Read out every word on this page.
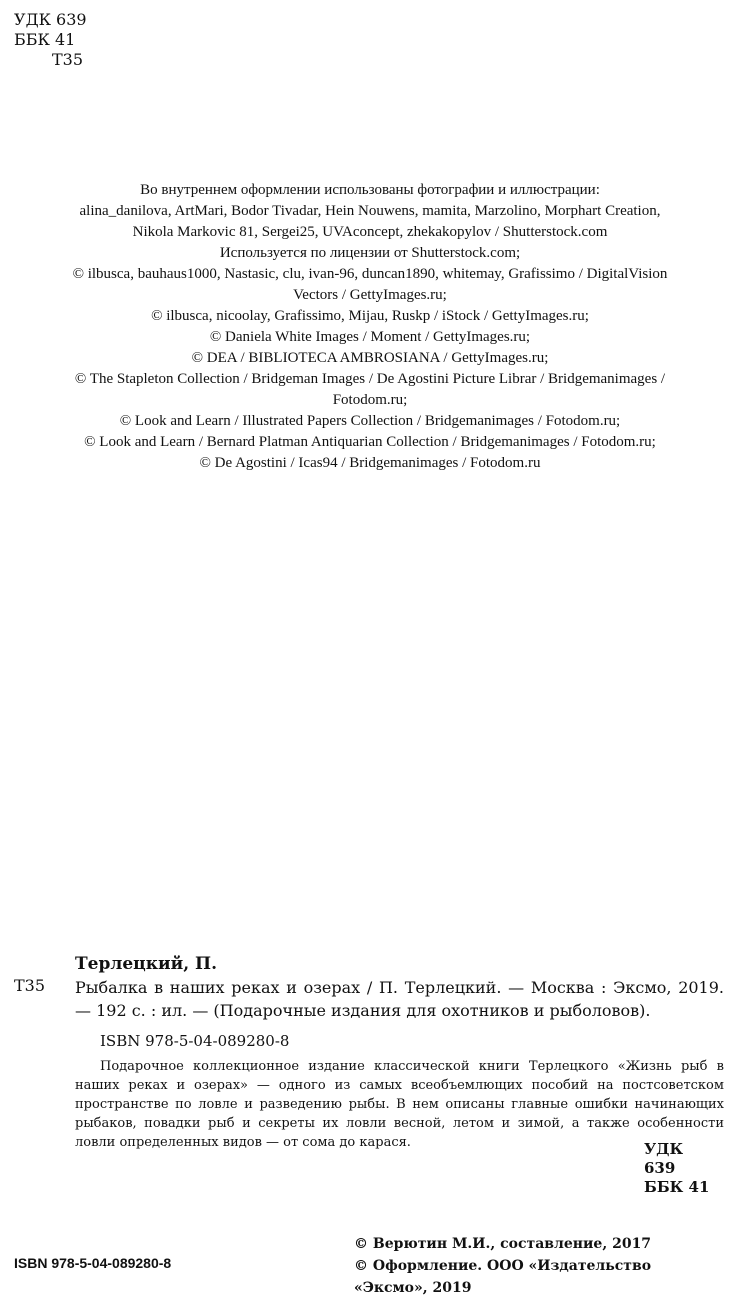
УДК 639
ББК 41
Т35
Во внутреннем оформлении использованы фотографии и иллюстрации:
alina_danilova, ArtMari, Bodor Tivadar, Hein Nouwens, mamita, Marzolino, Morphart Creation,
Nikola Markovic 81, Sergei25, UVAconcept, zhekakopylov / Shutterstock.com
Используется по лицензии от Shutterstock.com;
© ilbusca, bauhaus1000, Nastasic, clu, ivan-96, duncan1890, whitemay, Grafissimo / DigitalVision
Vectors / GettyImages.ru;
© ilbusca, nicoolay, Grafissimo, Mijau, Ruskp / iStock / GettyImages.ru;
© Daniela White Images / Moment / GettyImages.ru;
© DEA / BIBLIOTECA AMBROSIANA / GettyImages.ru;
© The Stapleton Collection / Bridgeman Images / De Agostini Picture Librar / Bridgemanimages /
Fotodom.ru;
© Look and Learn / Illustrated Papers Collection / Bridgemanimages / Fotodom.ru;
© Look and Learn / Bernard Platman Antiquarian Collection / Bridgemanimages / Fotodom.ru;
© De Agostini / Icas94 / Bridgemanimages / Fotodom.ru
Терлецкий, П.
Т35 Рыбалка в наших реках и озерах / П. Терлецкий. — Москва : Эксмо, 2019. — 192 с. : ил. — (Подарочные издания для охотников и рыболовов).
ISBN 978-5-04-089280-8
Подарочное коллекционное издание классической книги Терлецкого «Жизнь рыб в наших реках и озерах» — одного из самых всеобъемлющих пособий на постсоветском пространстве по ловле и разведению рыбы. В нем описаны главные ошибки начинающих рыбаков, повадки рыб и секреты их ловли весной, летом и зимой, а также особенности ловли определенных видов — от сома до карася.	УДК 639
ББК 41
ISBN 978-5-04-089280-8
© Верютин М.И., составление, 2017
© Оформление. ООО «Издательство «Эксмо», 2019
